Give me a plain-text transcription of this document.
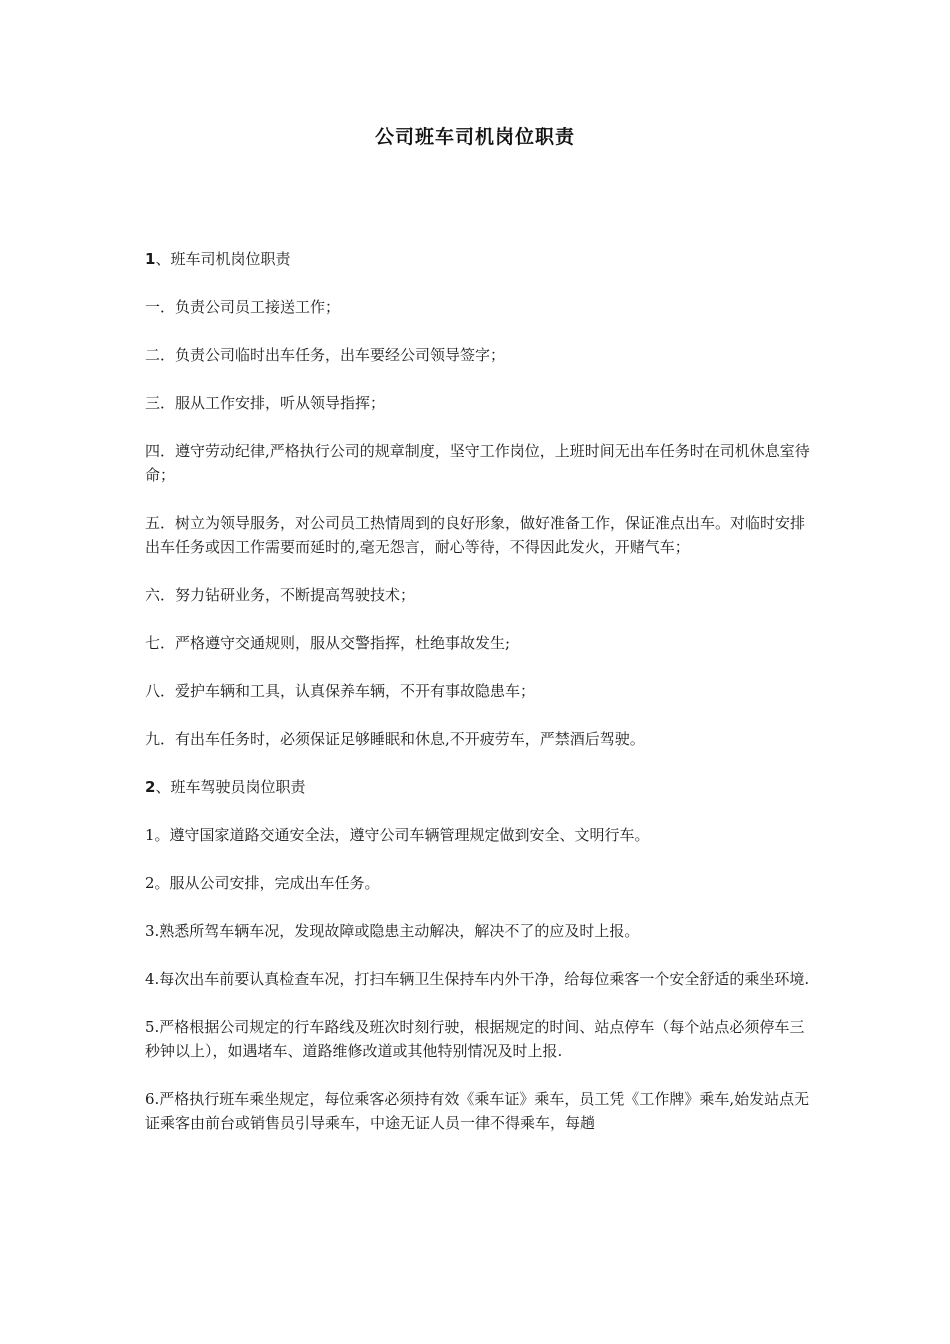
公司班车司机岗位职责

1、班车司机岗位职责

一．负责公司员工接送工作；

二．负责公司临时出车任务，出车要经公司领导签字；

三．服从工作安排，听从领导指挥；

四．遵守劳动纪律,严格执行公司的规章制度，坚守工作岗位，上班时间无出车任务时在司机休息室待命；

五．树立为领导服务，对公司员工热情周到的良好形象，做好准备工作，保证准点出车。对临时安排出车任务或因工作需要而延时的,毫无怨言，耐心等待，不得因此发火，开赌气车；

六．努力钻研业务，不断提高驾驶技术；

七．严格遵守交通规则，服从交警指挥，杜绝事故发生;

八．爱护车辆和工具，认真保养车辆，不开有事故隐患车；

九．有出车任务时，必须保证足够睡眠和休息,不开疲劳车，严禁酒后驾驶。

2、班车驾驶员岗位职责

1。遵守国家道路交通安全法，遵守公司车辆管理规定做到安全、文明行车。

2。服从公司安排，完成出车任务。

3.熟悉所驾车辆车况，发现故障或隐患主动解决，解决不了的应及时上报。

4.每次出车前要认真检查车况，打扫车辆卫生保持车内外干净，给每位乘客一个安全舒适的乘坐环境.

5.严格根据公司规定的行车路线及班次时刻行驶，根据规定的时间、站点停车（每个站点必须停车三秒钟以上），如遇堵车、道路维修改道或其他特别情况及时上报.

6.严格执行班车乘坐规定，每位乘客必须持有效《乘车证》乘车，员工凭《工作牌》乘车,始发站点无证乘客由前台或销售员引导乘车，中途无证人员一律不得乘车，每趟
